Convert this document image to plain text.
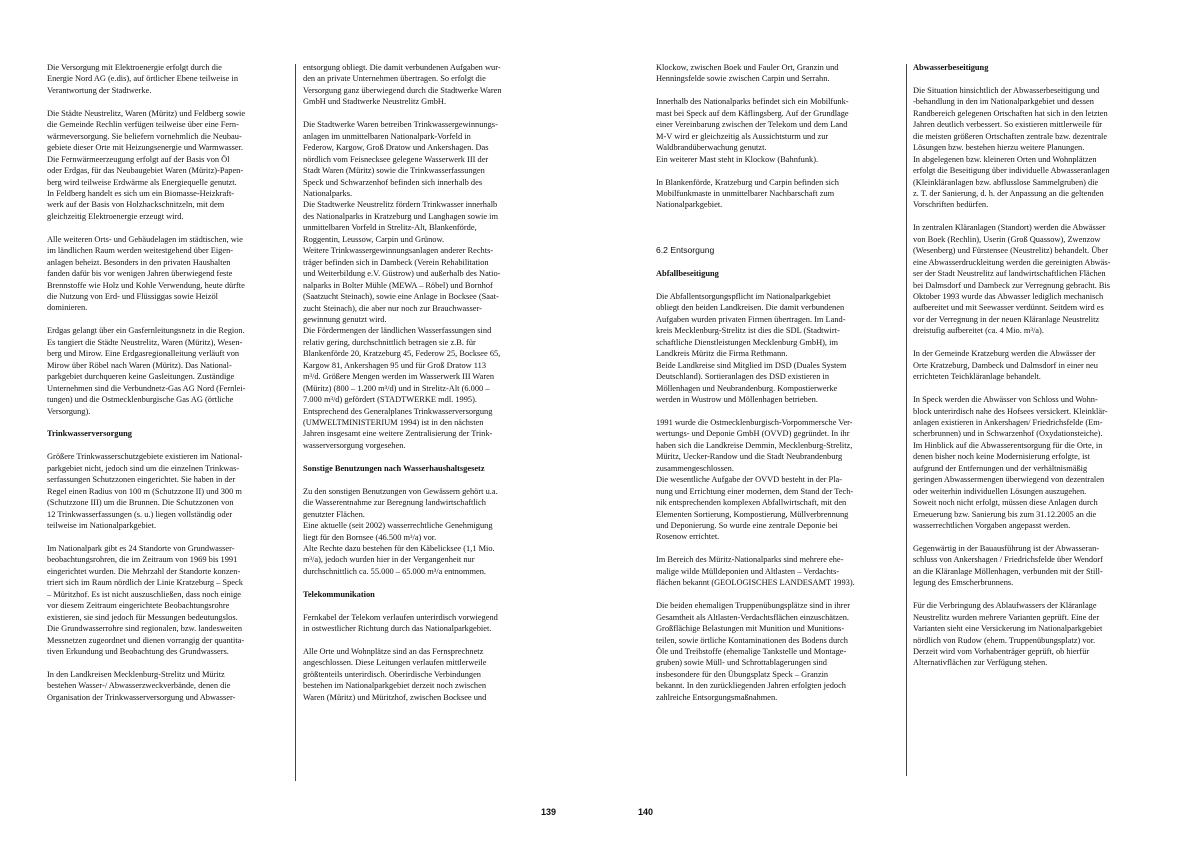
Die Versorgung mit Elektroenergie erfolgt durch die
Energie Nord AG (e.dis), auf örtlicher Ebene teilweise in
Verantwortung der Stadtwerke.

Die Städte Neustrelitz, Waren (Müritz) und Feldberg sowie
die Gemeinde Rechlin verfügen teilweise über eine Fern-
wärmeversorgung. Sie beliefern vornehmlich die Neubau-
gebiete dieser Orte mit Heizungsenergie und Warmwasser.
Die Fernwärmeerzeugung erfolgt auf der Basis von Öl
oder Erdgas, für das Neubaugebiet Waren (Müritz)-Papen-
berg wird teilweise Erdwärme als Energiequelle genutzt.
In Feldberg handelt es sich um ein Biomasse-Heizkraft-
werk auf der Basis von Holzhackschnitzeln, mit dem
gleichzeitig Elektroenergie erzeugt wird.

Alle weiteren Orts- und Gebäudelagen im städtischen, wie
im ländlichen Raum werden weitestgehend über Eigen-
anlagen beheizt. Besonders in den privaten Haushalten
fanden dafür bis vor wenigen Jahren überwiegend feste
Brennstoffe wie Holz und Kohle Verwendung, heute dürfte
die Nutzung von Erd- und Flüssiggas sowie Heizöl
dominieren.

Erdgas gelangt über ein Gasfernleitungsnetz in die Region.
Es tangiert die Städte Neustrelitz, Waren (Müritz), Wesen-
berg und Mirow. Eine Erdgasregionalleitung verläuft von
Mirow über Röbel nach Waren (Müritz). Das National-
parkgebiet durchqueren keine Gasleitungen. Zuständige
Unternehmen sind die Verbundnetz-Gas AG Nord (Fernlei-
tungen) und die Ostmecklenburgische Gas AG (örtliche
Versorgung).

Trinkwasserversorgung

Größere Trinkwasserschutzgebiete existieren im National-
parkgebiet nicht, jedoch sind um die einzelnen Trinkwas-
serfassungen Schutzzonen eingerichtet. Sie haben in der
Regel einen Radius von 100 m (Schutzzone II) und 300 m
(Schutzzone III) um die Brunnen. Die Schutzzonen von
12 Trinkwasserfassungen (s. u.) liegen vollständig oder
teilweise im Nationalparkgebiet.

Im Nationalpark gibt es 24 Standorte von Grundwasser-
beobachtungsrohren, die im Zeitraum von 1969 bis 1991
eingerichtet wurden. Die Mehrzahl der Standorte konzen-
triert sich im Raum nördlich der Linie Kratzeburg – Speck
– Müritzhof. Es ist nicht auszuschließen, dass noch einige
vor diesem Zeitraum eingerichtete Beobachtungsrohre
existieren, sie sind jedoch für Messungen bedeutungslos.
Die Grundwasserrohre sind regionalen, bzw. landesweiten
Messnetzen zugeordnet und dienen vorrangig der quantita-
tiven Erkundung und Beobachtung des Grundwassers.

In den Landkreisen Mecklenburg-Strelitz und Müritz
bestehen Wasser-/ Abwasserzweckverbände, denen die
Organisation der Trinkwasserversorgung und Abwasser-

entsorgung obliegt. Die damit verbundenen Aufgaben wur-
den an private Unternehmen übertragen. So erfolgt die
Versorgung ganz überwiegend durch die Stadtwerke Waren
GmbH und Stadtwerke Neustrelitz GmbH.

Die Stadtwerke Waren betreiben Trinkwassergewinnungs-
anlagen im unmittelbaren Nationalpark-Vorfeld in
Federow, Kargow, Groß Dratow und Ankershagen. Das
nördlich vom Feisnecksee gelegene Wasserwerk III der
Stadt Waren (Müritz) sowie die Trinkwasserfassungen
Speck und Schwarzenhof befinden sich innerhalb des
Nationalparks.
Die Stadtwerke Neustrelitz fördern Trinkwasser innerhalb
des Nationalparks in Kratzeburg und Langhagen sowie im
unmittelbaren Vorfeld in Strelitz-Alt, Blankenförde,
Roggentin, Leussow, Carpin und Grünow.
Weitere Trinkwassergewinnungsanlagen anderer Rechts-
träger befinden sich in Dambeck (Verein Rehabilitation
und Weiterbildung e.V. Güstrow) und außerhalb des Natio-
nalparks in Bolter Mühle (MEWA – Röbel) und Bornhof
(Saatzucht Steinach), sowie eine Anlage in Bocksee (Saat-
zucht Steinach), die aber nur noch zur Brauchwasser-
gewinnung genutzt wird.
Die Fördermengen der ländlichen Wasserfassungen sind
relativ gering, durchschnittlich betragen sie z.B. für
Blankenförde 20, Kratzeburg 45, Federow 25, Bocksee 65,
Kargow 81, Ankershagen 95 und für Groß Dratow 113
m³/d. Größere Mengen werden im Wasserwerk III Waren
(Müritz) (800 – 1.200 m³/d) und in Strelitz-Alt (6.000 –
7.000 m³/d) gefördert (STADTWERKE mdl. 1995).
Entsprechend des Generalplanes Trinkwasserversorgung
(UMWELTMINISTERIUM 1994) ist in den nächsten
Jahren insgesamt eine weitere Zentralisierung der Trink-
wasserversorgung vorgesehen.

Sonstige Benutzungen nach Wasserhaushaltsgesetz

Zu den sonstigen Benutzungen von Gewässern gehört u.a.
die Wasserentnahme zur Beregnung landwirtschaftlich
genutzter Flächen.
Eine aktuelle (seit 2002) wasserrechtliche Genehmigung
liegt für den Bornsee (46.500 m³/a) vor.
Alte Rechte dazu bestehen für den Käbelicksee (1,1 Mio.
m³/a), jedoch wurden hier in der Vergangenheit nur
durchschnittlich ca. 55.000 – 65.000 m³/a entnommen.

Telekommunikation

Fernkabel der Telekom verlaufen unterirdisch vorwiegend
in ostwestlicher Richtung durch das Nationalparkgebiet.

Alle Orte und Wohnplätze sind an das Fernsprechnetz
angeschlossen. Diese Leitungen verlaufen mittlerweile
größtenteils unterirdisch. Oberirdische Verbindungen
bestehen im Nationalparkgebiet derzeit noch zwischen
Waren (Müritz) und Müritzhof, zwischen Bocksee und

139

Klockow, zwischen Boek und Fauler Ort, Granzin und
Henningsfelde sowie zwischen Carpin und Serrahn.

Innerhalb des Nationalparks befindet sich ein Mobilfunk-
mast bei Speck auf dem Käflingsberg. Auf der Grundlage
einer Vereinbarung zwischen der Telekom und dem Land
M-V wird er gleichzeitig als Aussichtsturm und zur
Waldbrandüberwachung genutzt.
Ein weiterer Mast steht in Klockow (Bahnfunk).

In Blankenförde, Kratzeburg und Carpin befinden sich
Mobilfunkmaste in unmittelbarer Nachbarschaft zum
Nationalparkgebiet.

6.2 Entsorgung

Abfallbeseitigung

Die Abfallentsorgungspflicht im Nationalparkgebiet
obliegt den beiden Landkreisen. Die damit verbundenen
Aufgaben wurden privaten Firmen übertragen. Im Land-
kreis Mecklenburg-Strelitz ist dies die SDL (Stadtwirt-
schaftliche Dienstleistungen Mecklenburg GmbH), im
Landkreis Müritz die Firma Rethmann.
Beide Landkreise sind Mitglied im DSD (Duales System
Deutschland). Sortieranlagen des DSD existieren in
Möllenhagen und Neubrandenburg. Kompostierwerke
werden in Wustrow und Möllenhagen betrieben.

1991 wurde die Ostmecklenburgisch-Vorpommersche Ver-
wertungs- und Deponie GmbH (OVVD) gegründet. In ihr
haben sich die Landkreise Demmin, Mecklenburg-Strelitz,
Müritz, Uecker-Randow und die Stadt Neubrandenburg
zusammengeschlossen.
Die wesentliche Aufgabe der OVVD besteht in der Pla-
nung und Errichtung einer modernen, dem Stand der Tech-
nik entsprechenden komplexen Abfallwirtschaft, mit den
Elementen Sortierung, Kompostierung, Müllverbrennung
und Deponierung. So wurde eine zentrale Deponie bei
Rosenow errichtet.

Im Bereich des Müritz-Nationalparks sind mehrere ehe-
malige wilde Mülldeponien und Altlasten – Verdachts-
flächen bekannt (GEOLOGISCHES LANDESAMT 1993).

Die beiden ehemaligen Truppenübungsplätze sind in ihrer
Gesamtheit als Altlasten-Verdachtsflächen einzuschätzen.
Großflächige Belastungen mit Munition und Munitions-
teilen, sowie örtliche Kontaminationen des Bodens durch
Öle und Treibstoffe (ehemalige Tankstelle und Montage-
gruben) sowie Müll- und Schrottablagerungen sind
insbesondere für den Übungsplatz Speck – Granzin
bekannt. In den zurückliegenden Jahren erfolgten jedoch
zahlreiche Entsorgungsmaßnahmen.

Abwasserbeseitigung

Die Situation hinsichtlich der Abwasserbeseitigung und
-behandlung in den im Nationalparkgebiet und dessen
Randbereich gelegenen Ortschaften hat sich in den letzten
Jahren deutlich verbessert. So existieren mittlerweile für
die meisten größeren Ortschaften zentrale bzw. dezentrale
Lösungen bzw. bestehen hierzu weitere Planungen.
In abgelegenen bzw. kleineren Orten und Wohnplätzen
erfolgt die Beseitigung über individuelle Abwasseranlagen
(Kleinkläranlagen bzw. abflusslose Sammelgruben) die
z. T. der Sanierung, d. h. der Anpassung an die geltenden
Vorschriften bedürfen.

In zentralen Kläranlagen (Standort) werden die Abwässer
von Boek (Rechlin), Userin (Groß Quassow), Zwenzow
(Wesenberg) und Fürstensee (Neustrelitz) behandelt. Über
eine Abwasserdruckleitung werden die gereinigten Abwäs-
ser der Stadt Neustrelitz auf landwirtschaftlichen Flächen
bei Dalmsdorf und Dambeck zur Verregnung gebracht. Bis
Oktober 1993 wurde das Abwasser lediglich mechanisch
aufbereitet und mit Seewasser verdünnt. Seitdem wird es
vor der Verregnung in der neuen Kläranlage Neustrelitz
dreistufig aufbereitet (ca. 4 Mio. m³/a).

In der Gemeinde Kratzeburg werden die Abwässer der
Orte Kratzeburg, Dambeck und Dalmsdorf in einer neu
errichteten Teichkläranlage behandelt.

In Speck werden die Abwässer von Schloss und Wohn-
block unterirdisch nahe des Hofsees versickert. Kleinklär-
anlagen existieren in Ankershagen/ Friedrichsfelde (Em-
scherbrunnen) und in Schwarzenhof (Oxydationsteiche).
Im Hinblick auf die Abwasserentsorgung für die Orte, in
denen bisher noch keine Modernisierung erfolgte, ist
aufgrund der Entfernungen und der verhältnismäßig
geringen Abwassermengen überwiegend von dezentralen
oder weiterhin individuellen Lösungen auszugehen.
Soweit noch nicht erfolgt, müssen diese Anlagen durch
Erneuerung bzw. Sanierung bis zum 31.12.2005 an die
wasserrechtlichen Vorgaben angepasst werden.

Gegenwärtig in der Bauausführung ist der Abwasseran-
schluss von Ankershagen / Friedrichsfelde über Wendorf
an die Kläranlage Möllenhagen, verbunden mit der Still-
legung des Emscherbrunnens.

Für die Verbringung des Ablaufwassers der Kläranlage
Neustrelitz wurden mehrere Varianten geprüft. Eine der
Varianten sieht eine Versickerung im Nationalparkgebiet
nördlich von Rudow (ehem. Truppenübungsplatz) vor.
Derzeit wird vom Vorhabenträger geprüft, ob hierfür
Alternativflächen zur Verfügung stehen.

140
